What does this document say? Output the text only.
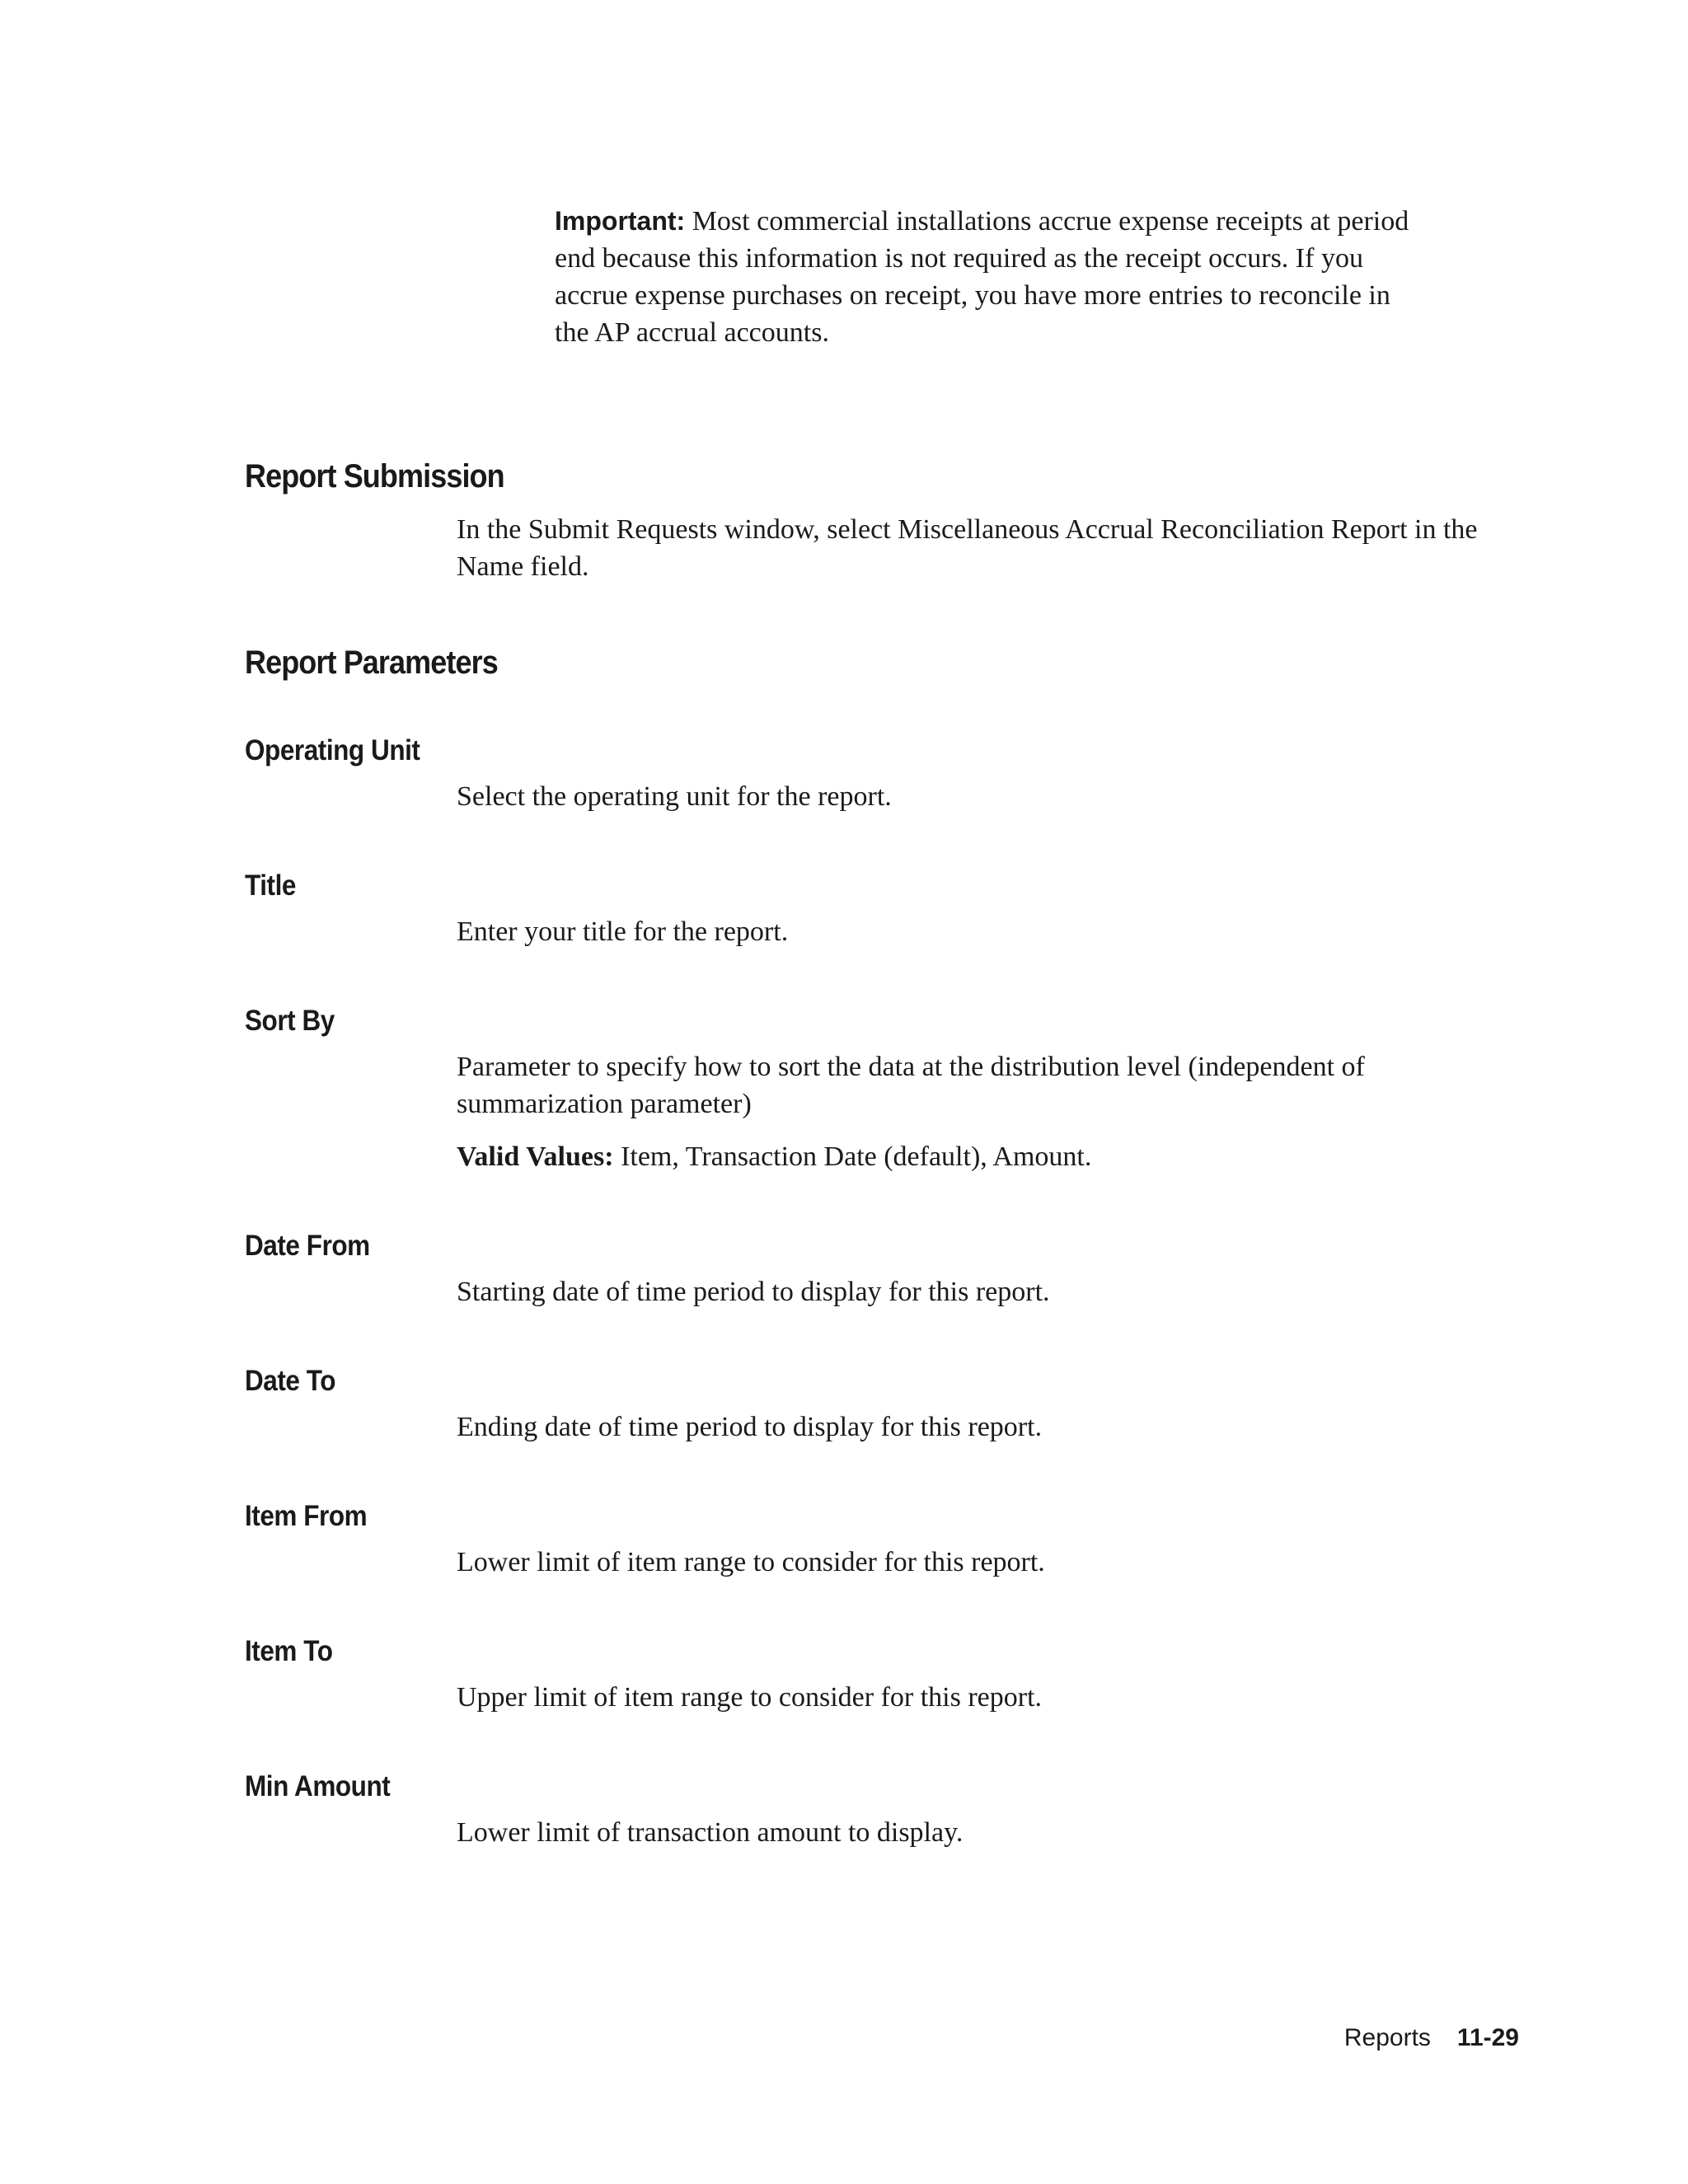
Important: Most commercial installations accrue expense receipts at period end because this information is not required as the receipt occurs. If you accrue expense purchases on receipt, you have more entries to reconcile in the AP accrual accounts.
Report Submission

In the Submit Requests window, select Miscellaneous Accrual Reconciliation Report in the Name field.

Report Parameters
Operating Unit

Select the operating unit for the report.

Title

Enter your title for the report.

Sort By

Parameter to specify how to sort the data at the distribution level (independent of summarization parameter)

Valid Values: Item, Transaction Date (default), Amount.

Date From

Starting date of time period to display for this report.

Date To

Ending date of time period to display for this report.

Item From

Lower limit of item range to consider for this report.

Item To

Upper limit of item range to consider for this report.

Min Amount

Lower limit of transaction amount to display.

Reports 11-29
